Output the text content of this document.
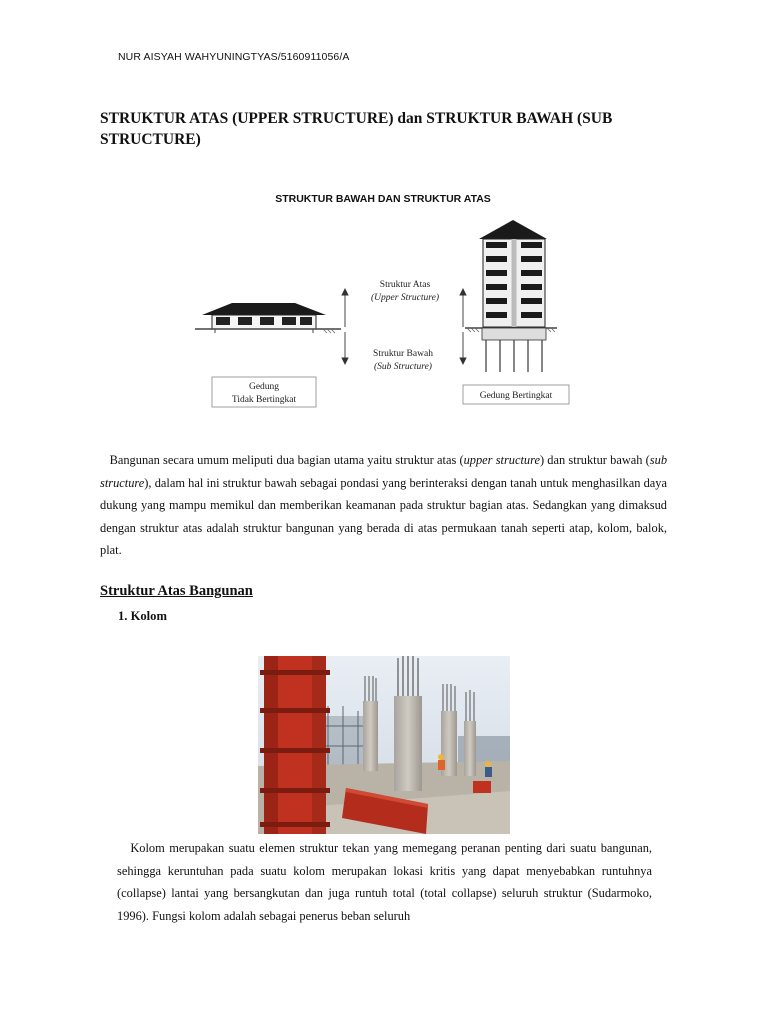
NUR AISYAH WAHYUNINGTYAS/5160911056/A
STRUKTUR ATAS (UPPER STRUCTURE) dan STRUKTUR BAWAH (SUB STRUCTURE)
STRUKTUR BAWAH DAN STRUKTUR ATAS
Struktur Atas
(Upper Structure)
Struktur Bawah
(Sub Structure)
Gedung
Tidak Bertingkat	Gedung Bertingkat
Bangunan secara umum meliputi dua bagian utama yaitu struktur atas (upper structure) dan struktur bawah (sub structure), dalam hal ini struktur bawah sebagai pondasi yang berinteraksi dengan tanah untuk menghasilkan daya dukung yang mampu memikul dan memberikan keamanan pada struktur bagian atas. Sedangkan yang dimaksud dengan struktur atas adalah struktur bangunan yang berada di atas permukaan tanah seperti atap, kolom, balok, plat.
Struktur Atas Bangunan
1. Kolom
Kolom merupakan suatu elemen struktur tekan yang memegang peranan penting dari suatu bangunan, sehingga keruntuhan pada suatu kolom merupakan lokasi kritis yang dapat menyebabkan runtuhnya (collapse) lantai yang bersangkutan dan juga runtuh total (total collapse) seluruh struktur (Sudarmoko, 1996). Fungsi kolom adalah sebagai penerus beban seluruh
